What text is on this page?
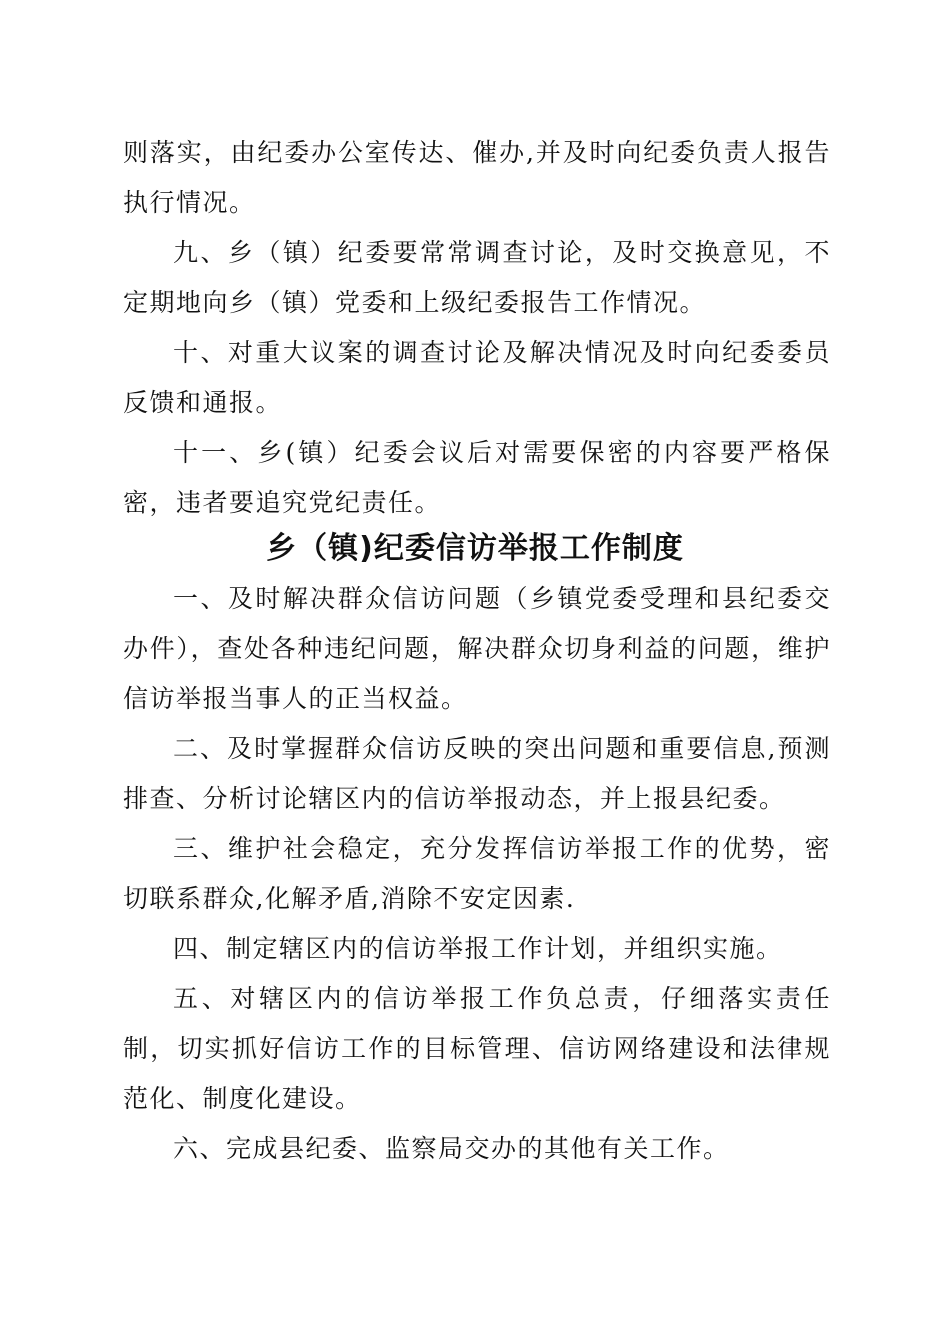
则落实，由纪委办公室传达、催办,并及时向纪委负责人报告执行情况。

九、乡（镇）纪委要常常调查讨论，及时交换意见，不定期地向乡（镇）党委和上级纪委报告工作情况。

十、对重大议案的调查讨论及解决情况及时向纪委委员反馈和通报。

十一、乡(镇）纪委会议后对需要保密的内容要严格保密，违者要追究党纪责任。

乡（镇)纪委信访举报工作制度

一、及时解决群众信访问题（乡镇党委受理和县纪委交办件），查处各种违纪问题，解决群众切身利益的问题，维护信访举报当事人的正当权益。

二、及时掌握群众信访反映的突出问题和重要信息,预测排查、分析讨论辖区内的信访举报动态，并上报县纪委。

三、维护社会稳定，充分发挥信访举报工作的优势，密切联系群众,化解矛盾,消除不安定因素.

四、制定辖区内的信访举报工作计划，并组织实施。

五、对辖区内的信访举报工作负总责，仔细落实责任制，切实抓好信访工作的目标管理、信访网络建设和法律规范化、制度化建设。

六、完成县纪委、监察局交办的其他有关工作。
